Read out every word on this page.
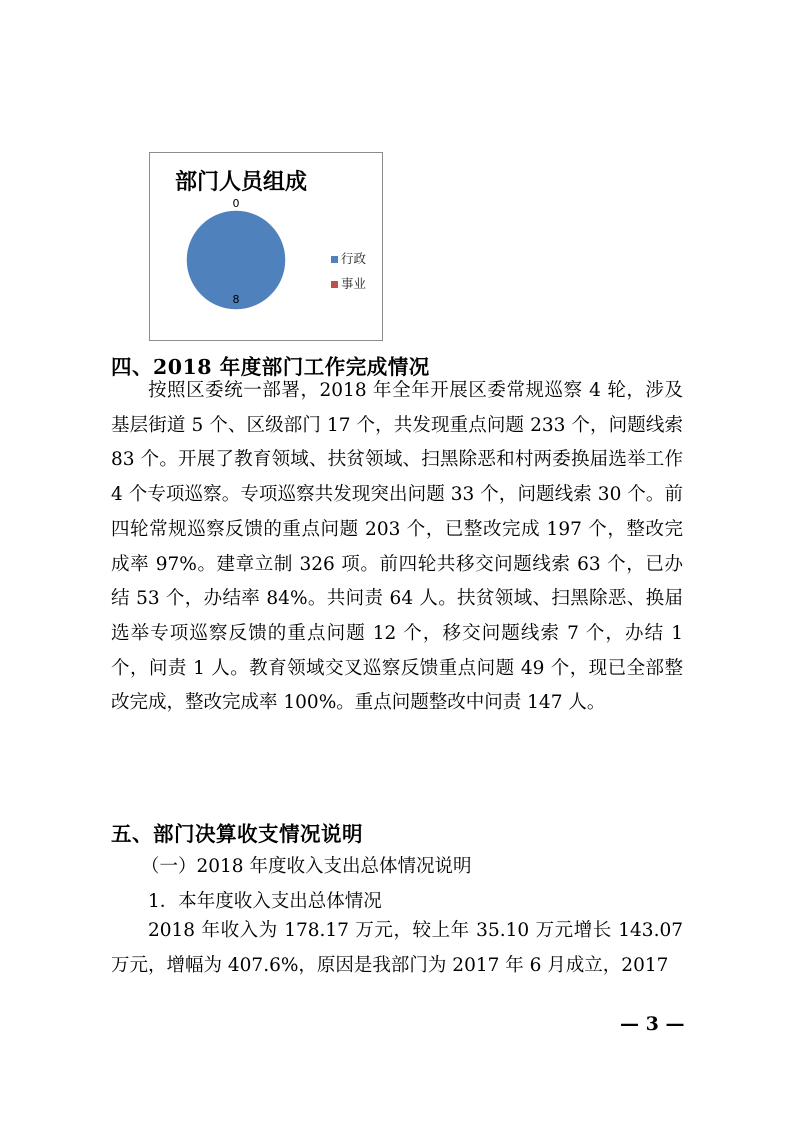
部门人员组成
8
0
行政
事业
四、2018 年度部门工作完成情况

按照区委统一部署，2018 年全年开展区委常规巡察 4 轮，涉及基层街道 5 个、区级部门 17 个，共发现重点问题 233 个，问题线索 83 个。开展了教育领域、扶贫领域、扫黑除恶和村两委换届选举工作 4 个专项巡察。专项巡察共发现突出问题 33 个，问题线索 30 个。前四轮常规巡察反馈的重点问题 203 个，已整改完成 197 个，整改完成率 97%。建章立制 326 项。前四轮共移交问题线索 63 个，已办结 53 个，办结率 84%。共问责 64 人。扶贫领域、扫黑除恶、换届选举专项巡察反馈的重点问题 12 个，移交问题线索 7 个，办结 1 个，问责 1 人。教育领域交叉巡察反馈重点问题 49 个，现已全部整改完成，整改完成率 100%。重点问题整改中问责 147 人。

五、部门决算收支情况说明
（一）2018 年度收入支出总体情况说明
1．本年度收入支出总体情况

2018 年收入为 178.17 万元，较上年 35.10 万元增长 143.07 万元，增幅为 407.6%，原因是我部门为 2017 年 6 月成立，2017

— 3 —
